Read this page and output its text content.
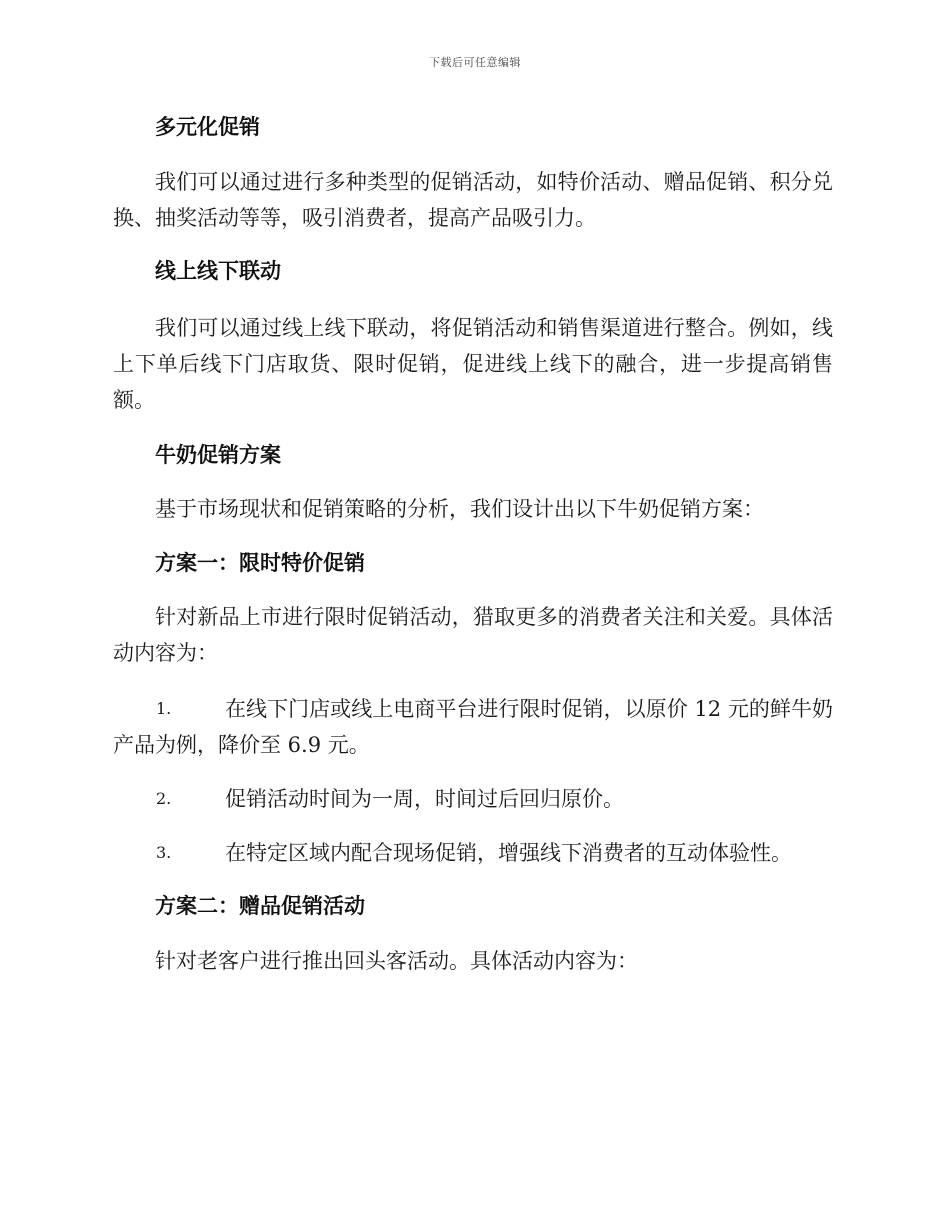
下载后可任意编辑
多元化促销

我们可以通过进行多种类型的促销活动，如特价活动、赠品促销、积分兑换、抽奖活动等等，吸引消费者，提高产品吸引力。

线上线下联动

我们可以通过线上线下联动，将促销活动和销售渠道进行整合。例如，线上下单后线下门店取货、限时促销，促进线上线下的融合，进一步提高销售额。

牛奶促销方案

基于市场现状和促销策略的分析，我们设计出以下牛奶促销方案：

方案一：限时特价促销

针对新品上市进行限时促销活动，猎取更多的消费者关注和关爱。具体活动内容为：

1.	在线下门店或线上电商平台进行限时促销，以原价 12 元的鲜牛奶产品为例，降价至 6.9 元。
2.	促销活动时间为一周，时间过后回归原价。
3.	在特定区域内配合现场促销，增强线下消费者的互动体验性。
方案二：赠品促销活动

针对老客户进行推出回头客活动。具体活动内容为：
